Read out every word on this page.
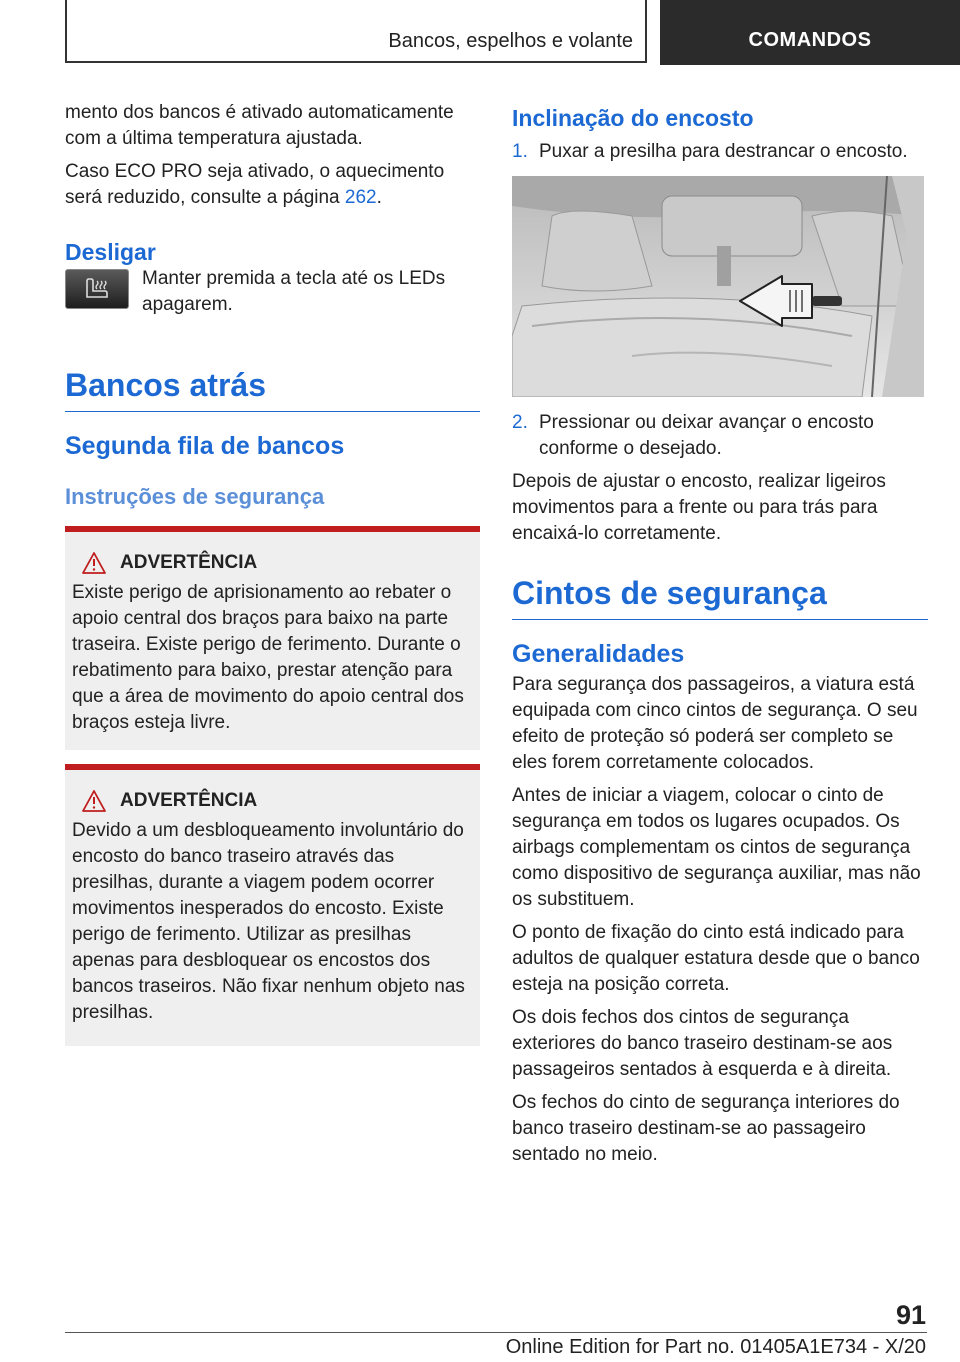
Bancos, espelhos e volante	COMANDOS

mento dos bancos é ativado automaticamente com a última temperatura ajustada.

Caso ECO PRO seja ativado, o aquecimento será reduzido, consulte a página 262.

Desligar

Manter premida a tecla até os LEDs apagarem.

Bancos atrás
Segunda fila de bancos
Instruções de segurança
ADVERTÊNCIA

Existe perigo de aprisionamento ao rebater o apoio central dos braços para baixo na parte traseira. Existe perigo de ferimento. Durante o rebatimento para baixo, prestar atenção para que a área de movimento do apoio central dos braços esteja livre.

ADVERTÊNCIA

Devido a um desbloqueamento involuntário do encosto do banco traseiro através das presilhas, durante a viagem podem ocorrer movimentos inesperados do encosto. Existe perigo de ferimento. Utilizar as presilhas apenas para desbloquear os encostos dos bancos traseiros. Não fixar nenhum objeto nas presilhas.

Inclinação do encosto
1. Puxar a presilha para destrancar o encosto.
2. Pressionar ou deixar avançar o encosto conforme o desejado.

Depois de ajustar o encosto, realizar ligeiros movimentos para a frente ou para trás para encaixá-lo corretamente.

Cintos de segurança
Generalidades

Para segurança dos passageiros, a viatura está equipada com cinco cintos de segurança. O seu efeito de proteção só poderá ser completo se eles forem corretamente colocados.

Antes de iniciar a viagem, colocar o cinto de segurança em todos os lugares ocupados. Os airbags complementam os cintos de segurança como dispositivo de segurança auxiliar, mas não os substituem.

O ponto de fixação do cinto está indicado para adultos de qualquer estatura desde que o banco esteja na posição correta.

Os dois fechos dos cintos de segurança exteriores do banco traseiro destinam-se aos passageiros sentados à esquerda e à direita.

Os fechos do cinto de segurança interiores do banco traseiro destinam-se ao passageiro sentado no meio.

91
Online Edition for Part no. 01405A1E734 - X/20
